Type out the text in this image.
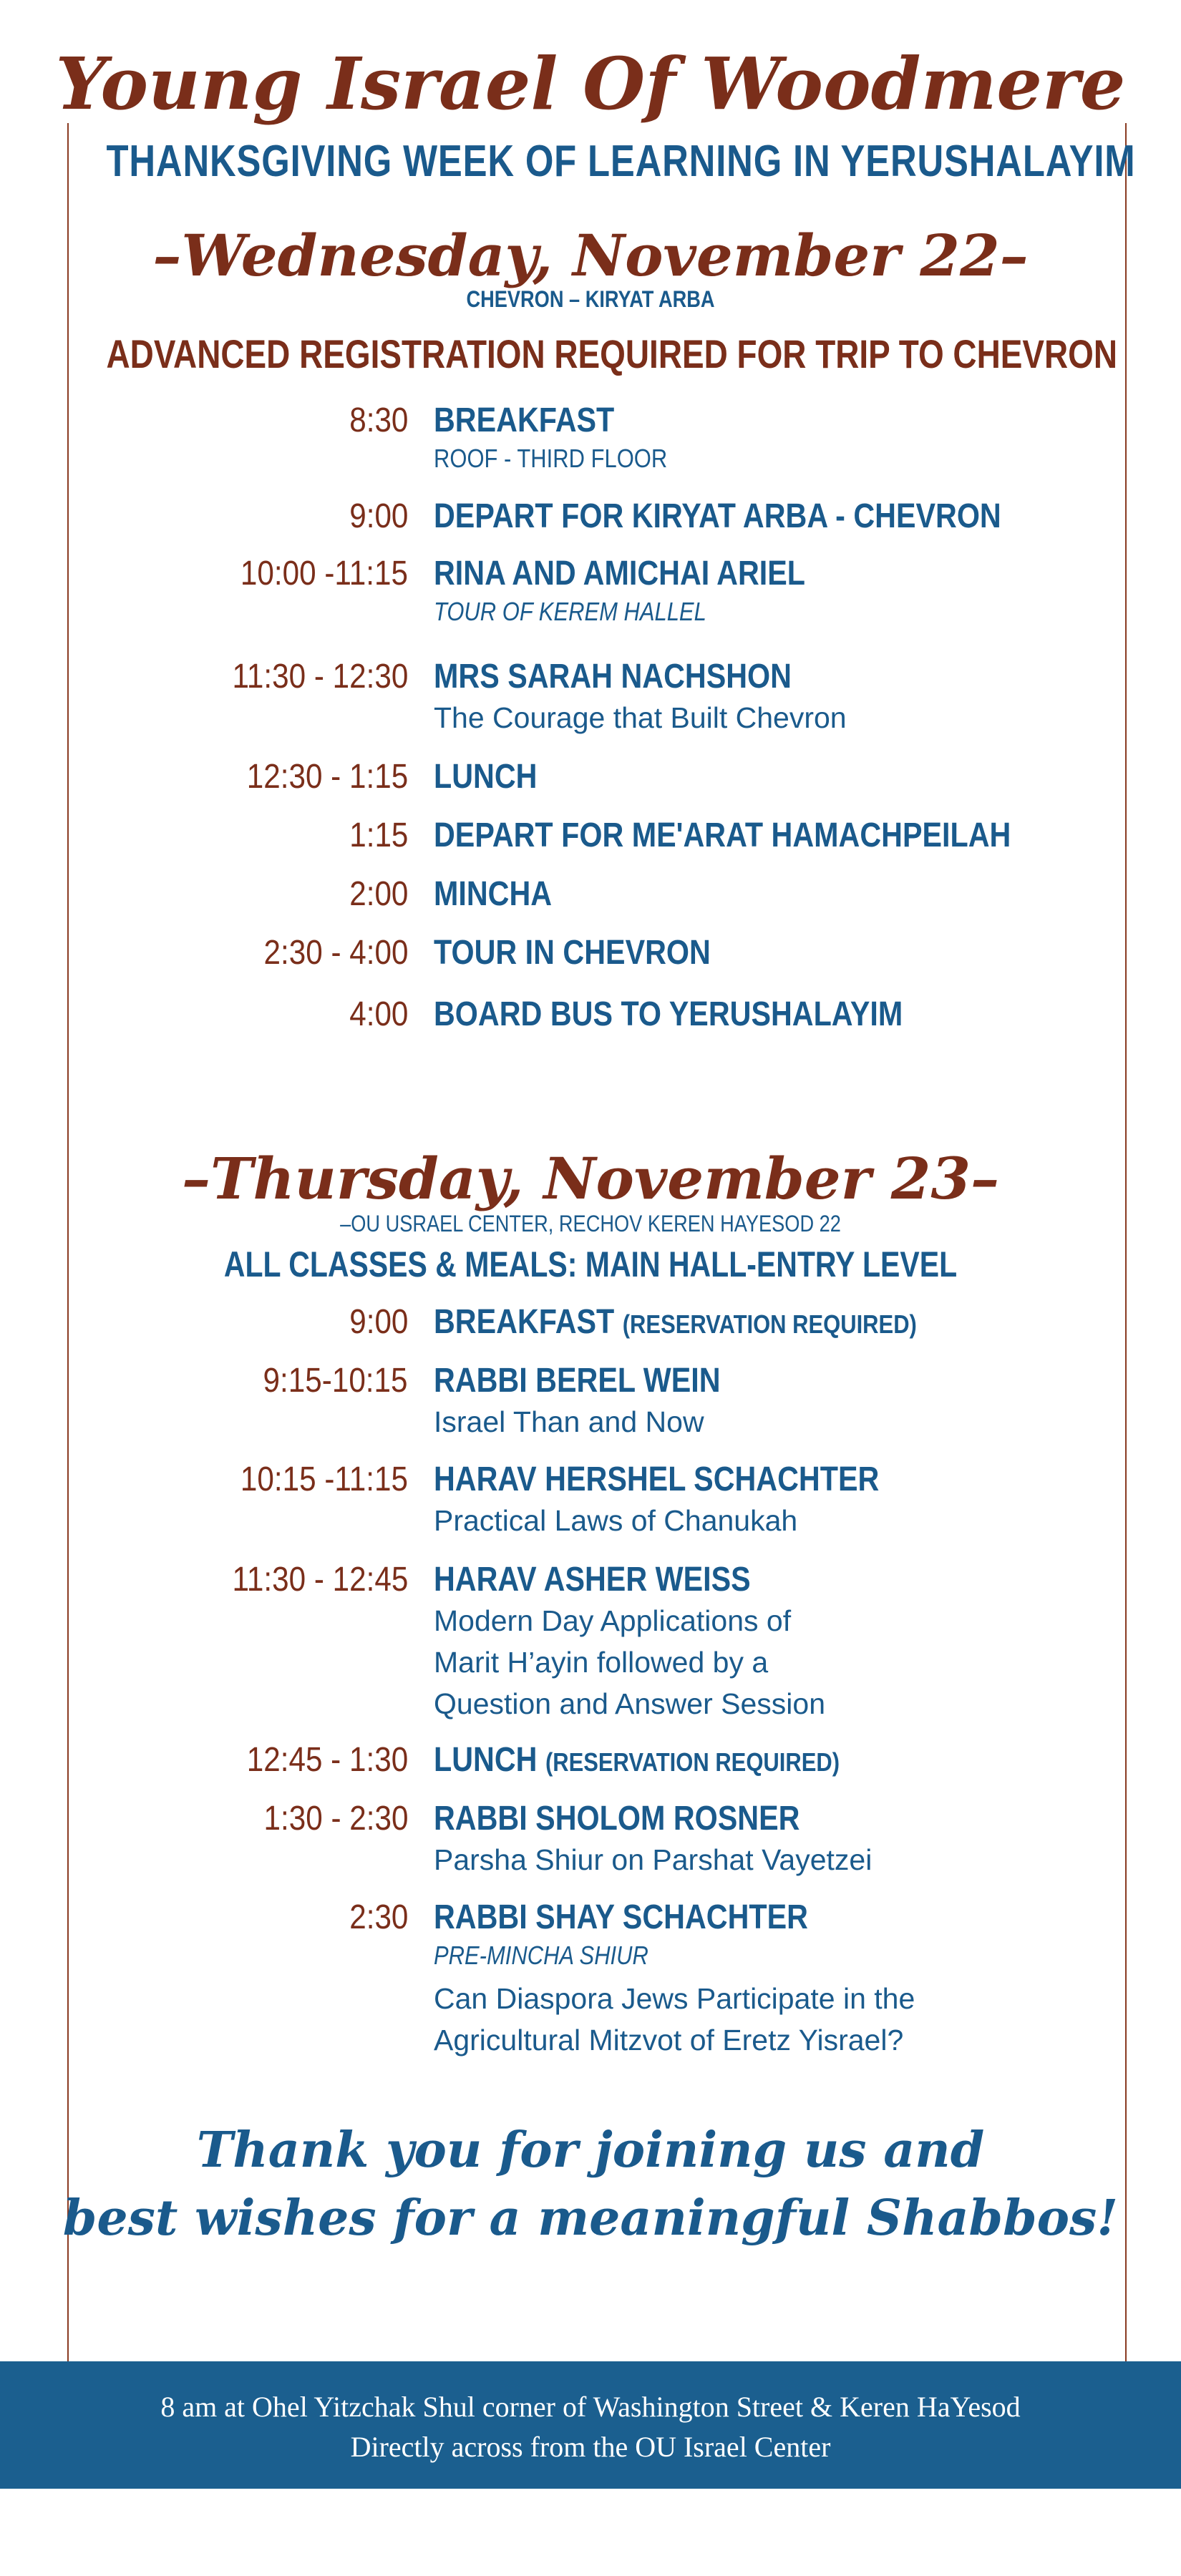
Young Israel Of Woodmere
THANKSGIVING WEEK OF LEARNING IN YERUSHALAYIM
–Wednesday, November 22–
CHEVRON – KIRYAT ARBA
ADVANCED REGISTRATION REQUIRED FOR TRIP TO CHEVRON
8:30 BREAKFAST
ROOF - THIRD FLOOR
9:00 DEPART FOR KIRYAT ARBA - CHEVRON
10:00 -11:15 RINA AND AMICHAI ARIEL
TOUR OF KEREM HALLEL
11:30 - 12:30 MRS SARAH NACHSHON
The Courage that Built Chevron
12:30 - 1:15 LUNCH
1:15 DEPART FOR ME'ARAT HAMACHPEILAH
2:00 MINCHA
2:30 - 4:00 TOUR IN CHEVRON
4:00 BOARD BUS TO YERUSHALAYIM
–Thursday, November 23–
–OU USRAEL CENTER, RECHOV KEREN HAYESOD 22
ALL CLASSES & MEALS: MAIN HALL-ENTRY LEVEL
9:00 BREAKFAST (RESERVATION REQUIRED)
9:15-10:15 RABBI BEREL WEIN
Israel Than and Now
10:15 -11:15 HARAV HERSHEL SCHACHTER
Practical Laws of Chanukah
11:30 - 12:45 HARAV ASHER WEISS
Modern Day Applications of
Marit H’ayin followed by a
Question and Answer Session
12:45 - 1:30 LUNCH (RESERVATION REQUIRED)
1:30 - 2:30 RABBI SHOLOM ROSNER
Parsha Shiur on Parshat Vayetzei
2:30 RABBI SHAY SCHACHTER
PRE-MINCHA SHIUR
Can Diaspora Jews Participate in the
Agricultural Mitzvot of Eretz Yisrael?
Thank you for joining us and
best wishes for a meaningful Shabbos!
8 am at Ohel Yitzchak Shul corner of Washington Street & Keren HaYesod
Directly across from the OU Israel Center
